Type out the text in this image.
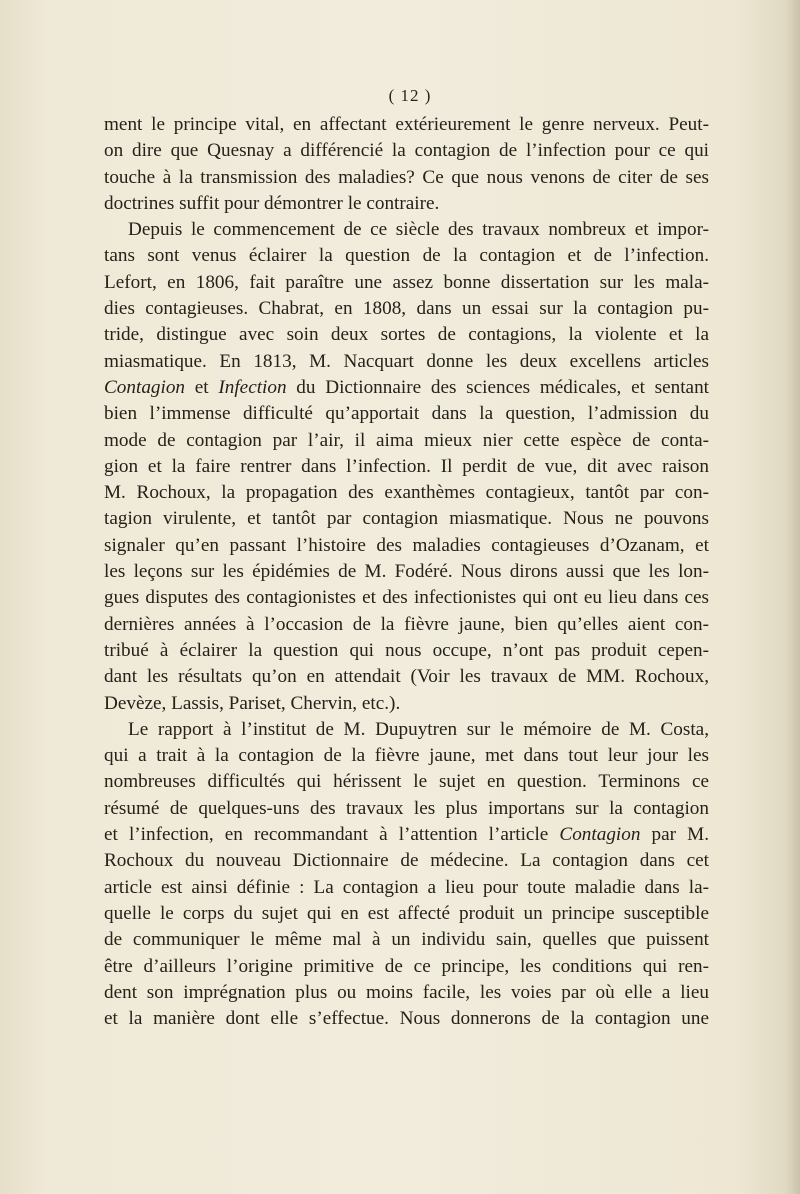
( 12 )
ment le principe vital, en affectant extérieurement le genre nerveux. Peut-
on dire que Quesnay a différencié la contagion de l’infection pour ce qui
touche à la transmission des maladies? Ce que nous venons de citer de ses
doctrines suffit pour démontrer le contraire.
Depuis le commencement de ce siècle des travaux nombreux et impor-
tans sont venus éclairer la question de la contagion et de l’infection.
Lefort, en 1806, fait paraître une assez bonne dissertation sur les mala-
dies contagieuses. Chabrat, en 1808, dans un essai sur la contagion pu-
tride, distingue avec soin deux sortes de contagions, la violente et la
miasmatique. En 1813, M. Nacquart donne les deux excellens articles
Contagion et Infection du Dictionnaire des sciences médicales, et sentant
bien l’immense difficulté qu’apportait dans la question, l’admission du
mode de contagion par l’air, il aima mieux nier cette espèce de conta-
gion et la faire rentrer dans l’infection. Il perdit de vue, dit avec raison
M. Rochoux, la propagation des exanthèmes contagieux, tantôt par con-
tagion virulente, et tantôt par contagion miasmatique. Nous ne pouvons
signaler qu’en passant l’histoire des maladies contagieuses d’Ozanam, et
les leçons sur les épidémies de M. Fodéré. Nous dirons aussi que les lon-
gues disputes des contagionistes et des infectionistes qui ont eu lieu dans ces
dernières années à l’occasion de la fièvre jaune, bien qu’elles aient con-
tribué à éclairer la question qui nous occupe, n’ont pas produit cepen-
dant les résultats qu’on en attendait (Voir les travaux de MM. Rochoux,
Devèze, Lassis, Pariset, Chervin, etc.).
Le rapport à l’institut de M. Dupuytren sur le mémoire de M. Costa,
qui a trait à la contagion de la fièvre jaune, met dans tout leur jour les
nombreuses difficultés qui hérissent le sujet en question. Terminons ce
résumé de quelques-uns des travaux les plus importans sur la contagion
et l’infection, en recommandant à l’attention l’article Contagion par M.
Rochoux du nouveau Dictionnaire de médecine. La contagion dans cet
article est ainsi définie : La contagion a lieu pour toute maladie dans la-
quelle le corps du sujet qui en est affecté produit un principe susceptible
de communiquer le même mal à un individu sain, quelles que puissent
être d’ailleurs l’origine primitive de ce principe, les conditions qui ren-
dent son imprégnation plus ou moins facile, les voies par où elle a lieu
et la manière dont elle s’effectue. Nous donnerons de la contagion une
